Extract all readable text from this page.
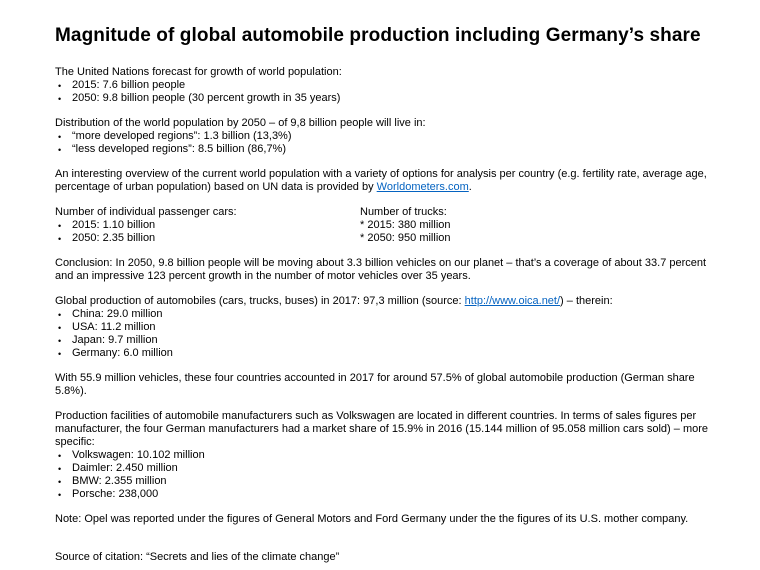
Magnitude of global automobile production including Germany’s share
The United Nations forecast for growth of world population:
• 2015: 7.6 billion people
• 2050: 9.8 billion people (30 percent growth in 35 years)
Distribution of the world population by 2050 – of 9,8 billion people will live in:
• “more developed regions”: 1.3 billion (13,3%)
• “less developed regions”: 8.5 billion (86,7%)

An interesting overview of the current world population with a variety of options for analysis per country (e.g. fertility rate, average age, percentage of urban population) based on UN data is provided by Worldometers.com.

Number of individual passenger cars:
• 2015: 1.10 billion
• 2050: 2.35 billion
Number of trucks:
* 2015: 380 million
* 2050: 950 million

Conclusion: In 2050, 9.8 billion people will be moving about 3.3 billion vehicles on our planet – that’s a coverage of about 33.7 percent and an impressive 123 percent growth in the number of motor vehicles over 35 years.

Global production of automobiles (cars, trucks, buses) in 2017: 97,3 million (source: http://www.oica.net/) – therein:
• China: 29.0 million
• USA: 11.2 million
• Japan: 9.7 million
• Germany: 6.0 million

With 55.9 million vehicles, these four countries accounted in 2017 for around 57.5% of global automobile production (German share 5.8%).

Production facilities of automobile manufacturers such as Volkswagen are located in different countries. In terms of sales figures per manufacturer, the four German manufacturers had a market share of 15.9% in 2016 (15.144 million of 95.058 million cars sold) – more specific:
• Volkswagen: 10.102 million
• Daimler: 2.450 million
• BMW: 2.355 million
• Porsche: 238,000

Note: Opel was reported under the figures of General Motors and Ford Germany under the the figures of its U.S. mother company.

Source of citation: “Secrets and lies of the climate change”
